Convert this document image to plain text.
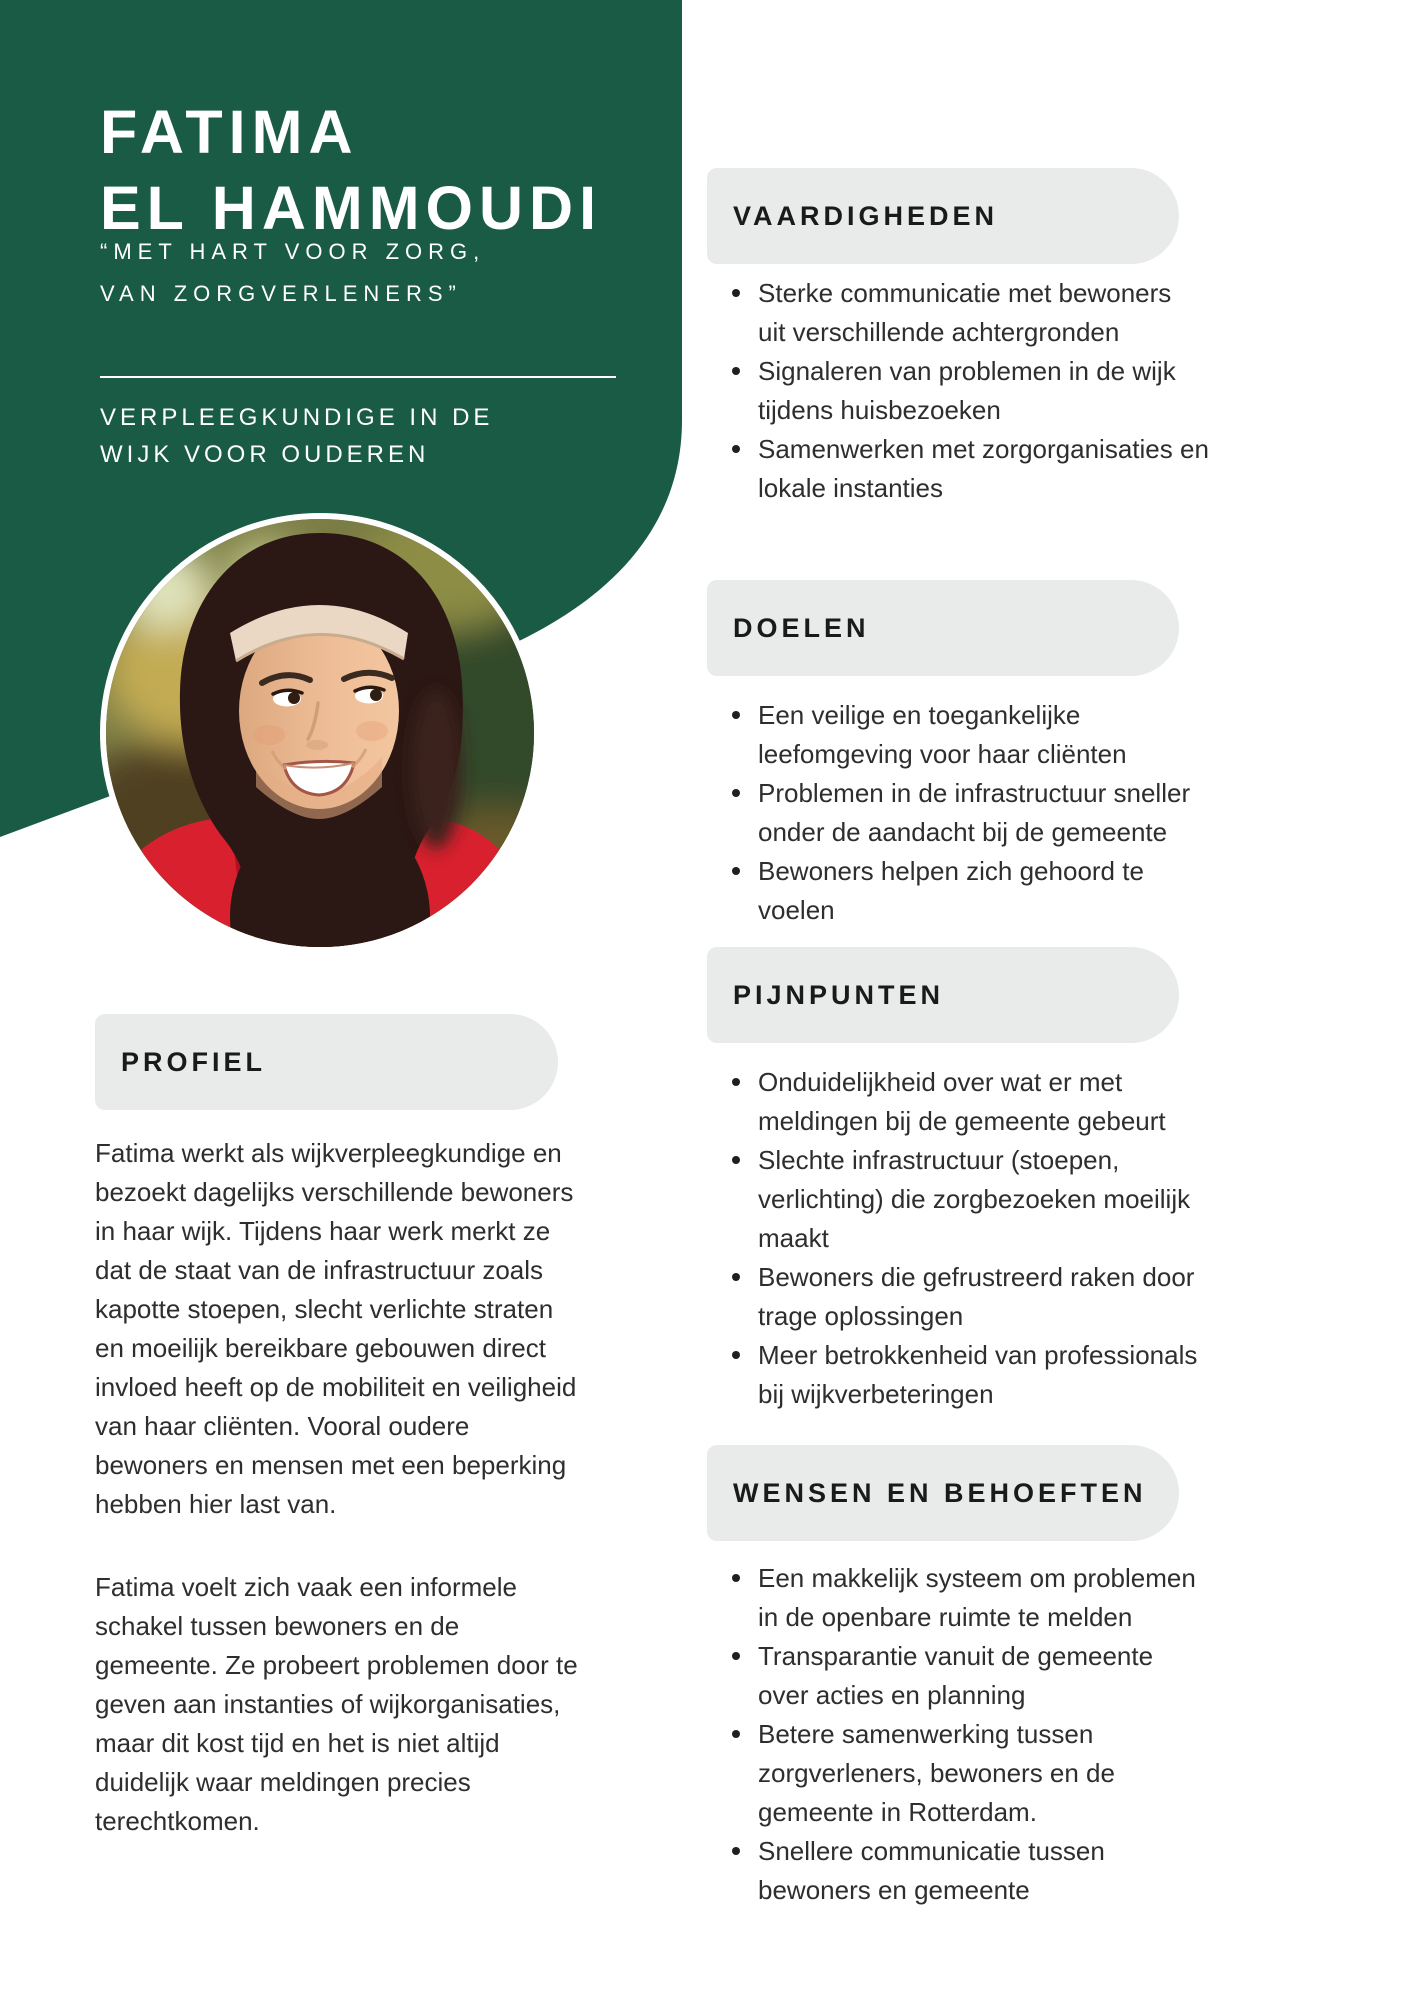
FATIMA
EL HAMMOUDI
“MET HART VOOR ZORG,
VAN ZORGVERLENERS”
VERPLEEGKUNDIGE IN DE
WIJK VOOR OUDEREN
PROFIEL
Fatima werkt als wijkverpleegkundige en
bezoekt dagelijks verschillende bewoners
in haar wijk. Tijdens haar werk merkt ze
dat de staat van de infrastructuur zoals
kapotte stoepen, slecht verlichte straten
en moeilijk bereikbare gebouwen direct
invloed heeft op de mobiliteit en veiligheid
van haar cliënten. Vooral oudere
bewoners en mensen met een beperking
hebben hier last van.
Fatima voelt zich vaak een informele
schakel tussen bewoners en de
gemeente. Ze probeert problemen door te
geven aan instanties of wijkorganisaties,
maar dit kost tijd en het is niet altijd
duidelijk waar meldingen precies
terechtkomen.
VAARDIGHEDEN
Sterke communicatie met bewoners
uit verschillende achtergronden
Signaleren van problemen in de wijk
tijdens huisbezoeken
Samenwerken met zorgorganisaties en
lokale instanties
DOELEN
Een veilige en toegankelijke
leefomgeving voor haar cliënten
Problemen in de infrastructuur sneller
onder de aandacht bij de gemeente
Bewoners helpen zich gehoord te
voelen
PIJNPUNTEN
Onduidelijkheid over wat er met
meldingen bij de gemeente gebeurt
Slechte infrastructuur (stoepen,
verlichting) die zorgbezoeken moeilijk
maakt
Bewoners die gefrustreerd raken door
trage oplossingen
Meer betrokkenheid van professionals
bij wijkverbeteringen
WENSEN EN BEHOEFTEN
Een makkelijk systeem om problemen
in de openbare ruimte te melden
Transparantie vanuit de gemeente
over acties en planning
Betere samenwerking tussen
zorgverleners, bewoners en de
gemeente in Rotterdam.
Snellere communicatie tussen
bewoners en gemeente
